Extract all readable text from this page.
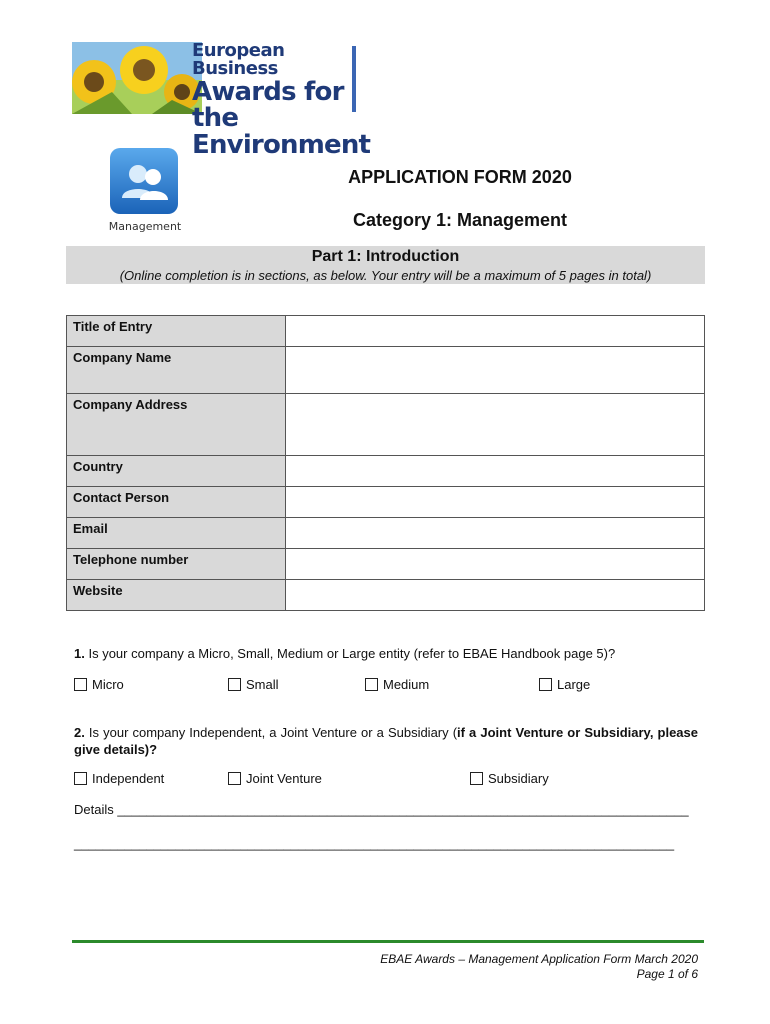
European Business
Awards for the
Environment
Management
APPLICATION FORM 2020
Category 1: Management
Part 1: Introduction
(Online completion is in sections, as below. Your entry will be a maximum of 5 pages in total)
Title of Entry	
Company Name	
Company Address	
Country	
Contact Person	
Email	
Telephone number	
Website	
1. Is your company a Micro, Small, Medium or Large entity (refer to EBAE Handbook page 5)?
Micro	Small	Medium	Large
2. Is your company Independent, a Joint Venture or a Subsidiary (if a Joint Venture or Subsidiary, please give details)?
Independent	Joint Venture	Subsidiary
Details _______________________________________________________________________________
___________________________________________________________________________________
EBAE Awards – Management Application Form March 2020
Page 1 of 6
